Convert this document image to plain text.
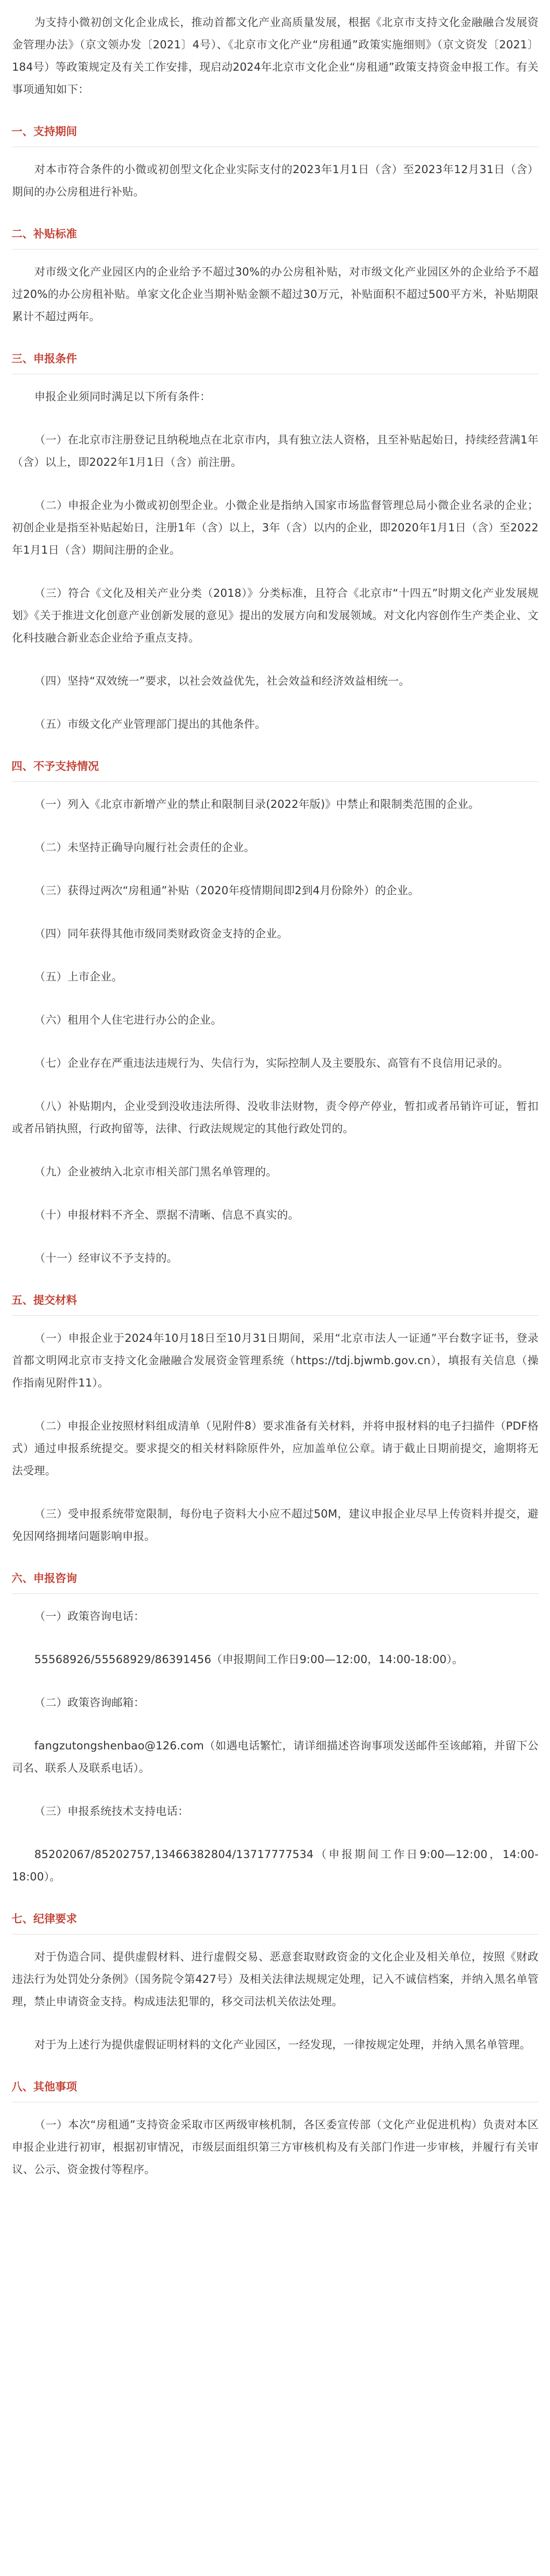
为支持小微初创文化企业成长，推动首都文化产业高质量发展，根据《北京市支持文化金融融合发展资金管理办法》（京文领办发〔2021〕4号）、《北京市文化产业“房租通”政策实施细则》（京文资发〔2021〕184号）等政策规定及有关工作安排，现启动2024年北京市文化企业“房租通”政策支持资金申报工作。有关事项通知如下：

一、支持期间

对本市符合条件的小微或初创型文化企业实际支付的2023年1月1日（含）至2023年12月31日（含）期间的办公房租进行补贴。

二、补贴标准

对市级文化产业园区内的企业给予不超过30%的办公房租补贴，对市级文化产业园区外的企业给予不超过20%的办公房租补贴。单家文化企业当期补贴金额不超过30万元，补贴面积不超过500平方米，补贴期限累计不超过两年。

三、申报条件

申报企业须同时满足以下所有条件：

（一）在北京市注册登记且纳税地点在北京市内，具有独立法人资格，且至补贴起始日，持续经营满1年（含）以上，即2022年1月1日（含）前注册。

（二）申报企业为小微或初创型企业。小微企业是指纳入国家市场监督管理总局小微企业名录的企业；初创企业是指至补贴起始日，注册1年（含）以上，3年（含）以内的企业，即2020年1月1日（含）至2022年1月1日（含）期间注册的企业。

（三）符合《文化及相关产业分类（2018）》分类标准，且符合《北京市“十四五”时期文化产业发展规划》《关于推进文化创意产业创新发展的意见》提出的发展方向和发展领域。对文化内容创作生产类企业、文化科技融合新业态企业给予重点支持。

（四）坚持“双效统一”要求，以社会效益优先，社会效益和经济效益相统一。

（五）市级文化产业管理部门提出的其他条件。

四、不予支持情况

（一）列入《北京市新增产业的禁止和限制目录(2022年版)》中禁止和限制类范围的企业。

（二）未坚持正确导向履行社会责任的企业。

（三）获得过两次“房租通”补贴（2020年疫情期间即2到4月份除外）的企业。

（四）同年获得其他市级同类财政资金支持的企业。

（五）上市企业。

（六）租用个人住宅进行办公的企业。

（七）企业存在严重违法违规行为、失信行为，实际控制人及主要股东、高管有不良信用记录的。

（八）补贴期内，企业受到没收违法所得、没收非法财物，责令停产停业，暂扣或者吊销许可证，暂扣或者吊销执照，行政拘留等，法律、行政法规规定的其他行政处罚的。

（九）企业被纳入北京市相关部门黑名单管理的。

（十）申报材料不齐全、票据不清晰、信息不真实的。

（十一）经审议不予支持的。

五、提交材料

（一）申报企业于2024年10月18日至10月31日期间，采用“北京市法人一证通”平台数字证书，登录首都文明网北京市支持文化金融融合发展资金管理系统（https://tdj.bjwmb.gov.cn），填报有关信息（操作指南见附件11）。

（二）申报企业按照材料组成清单（见附件8）要求准备有关材料，并将申报材料的电子扫描件（PDF格式）通过申报系统提交。要求提交的相关材料除原件外，应加盖单位公章。请于截止日期前提交，逾期将无法受理。

（三）受申报系统带宽限制，每份电子资料大小应不超过50M，建议申报企业尽早上传资料并提交，避免因网络拥堵问题影响申报。

六、申报咨询

（一）政策咨询电话：

55568926/55568929/86391456（申报期间工作日9:00—12:00，14:00-18:00）。

（二）政策咨询邮箱：

fangzutongshenbao@126.com（如遇电话繁忙，请详细描述咨询事项发送邮件至该邮箱，并留下公司名、联系人及联系电话）。

（三）申报系统技术支持电话：

85202067/85202757,13466382804/13717777534（申报期间工作日9:00—12:00，14:00-18:00）。

七、纪律要求

对于伪造合同、提供虚假材料、进行虚假交易、恶意套取财政资金的文化企业及相关单位，按照《财政违法行为处罚处分条例》（国务院令第427号）及相关法律法规规定处理，记入不诚信档案，并纳入黑名单管理，禁止申请资金支持。构成违法犯罪的，移交司法机关依法处理。

对于为上述行为提供虚假证明材料的文化产业园区，一经发现，一律按规定处理，并纳入黑名单管理。

八、其他事项

（一）本次“房租通”支持资金采取市区两级审核机制，各区委宣传部（文化产业促进机构）负责对本区申报企业进行初审，根据初审情况，市级层面组织第三方审核机构及有关部门作进一步审核，并履行有关审议、公示、资金拨付等程序。
